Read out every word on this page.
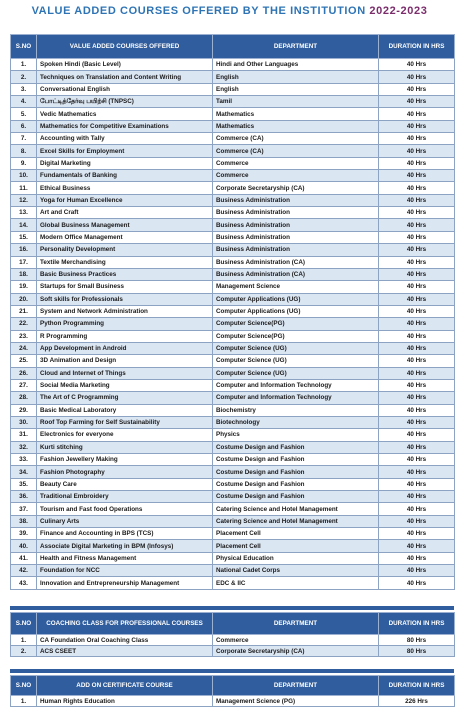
VALUE ADDED COURSES OFFERED BY THE INSTITUTION 2022-2023
S.NO	VALUE ADDED COURSES OFFERED	DEPARTMENT	DURATION IN HRS
1.	Spoken Hindi (Basic Level)	Hindi and Other Languages	40 Hrs
2.	Techniques on Translation and Content Writing	English	40 Hrs
3.	Conversational English	English	40 Hrs
4.	போட்டித்தேர்வு பயிற்சி (TNPSC)	Tamil	40 Hrs
5.	Vedic Mathematics	Mathematics	40 Hrs
6.	Mathematics for Competitive Examinations	Mathematics	40 Hrs
7.	Accounting with Tally	Commerce (CA)	40 Hrs
8.	Excel Skills for Employment	Commerce (CA)	40 Hrs
9.	Digital Marketing	Commerce	40 Hrs
10.	Fundamentals of Banking	Commerce	40 Hrs
11.	Ethical Business	Corporate Secretaryship (CA)	40 Hrs
12.	Yoga for Human Excellence	Business Administration	40 Hrs
13.	Art and Craft	Business Administration	40 Hrs
14.	Global Business Management	Business Administration	40 Hrs
15.	Modern Office Management	Business Administration	40 Hrs
16.	Personality Development	Business Administration	40 Hrs
17.	Textile Merchandising	Business Administration (CA)	40 Hrs
18.	Basic Business Practices	Business Administration (CA)	40 Hrs
19.	Startups for Small Business	Management Science	40 Hrs
20.	Soft skills for Professionals	Computer Applications (UG)	40 Hrs
21.	System and Network Administration	Computer Applications (UG)	40 Hrs
22.	Python Programming	Computer Science(PG)	40 Hrs
23.	R Programming	Computer Science(PG)	40 Hrs
24.	App Development in Android	Computer Science (UG)	40 Hrs
25.	3D Animation and Design	Computer Science (UG)	40 Hrs
26.	Cloud and Internet of Things	Computer Science (UG)	40 Hrs
27.	Social Media Marketing	Computer and Information Technology	40 Hrs
28.	The Art of C Programming	Computer and Information Technology	40 Hrs
29.	Basic Medical Laboratory	Biochemistry	40 Hrs
30.	Roof Top Farming for Self Sustainability	Biotechnology	40 Hrs
31.	Electronics for everyone	Physics	40 Hrs
32.	Kurti stitching	Costume Design and Fashion	40 Hrs
33.	Fashion Jewellery Making	Costume Design and Fashion	40 Hrs
34.	Fashion Photography	Costume Design and Fashion	40 Hrs
35.	Beauty Care	Costume Design and Fashion	40 Hrs
36.	Traditional Embroidery	Costume Design and Fashion	40 Hrs
37.	Tourism and Fast food Operations	Catering Science and Hotel Management	40 Hrs
38.	Culinary Arts	Catering Science and Hotel Management	40 Hrs
39.	Finance and Accounting in BPS (TCS)	Placement Cell	40 Hrs
40.	Associate Digital Marketing in BPM (Infosys)	Placement Cell	40 Hrs
41.	Health and Fitness Management	Physical Education	40 Hrs
42.	Foundation for NCC	National Cadet Corps	40 Hrs
43.	Innovation and Entrepreneurship Management	EDC & IIC	40 Hrs
S.NO	COACHING CLASS FOR PROFESSIONAL COURSES	DEPARTMENT	DURATION IN HRS
1.	CA Foundation Oral Coaching Class	Commerce	80 Hrs
2.	ACS CSEET	Corporate Secretaryship (CA)	80 Hrs
S.NO	ADD ON CERTIFICATE COURSE	DEPARTMENT	DURATION IN HRS
1.	Human Rights Education	Management Science (PG)	226 Hrs
